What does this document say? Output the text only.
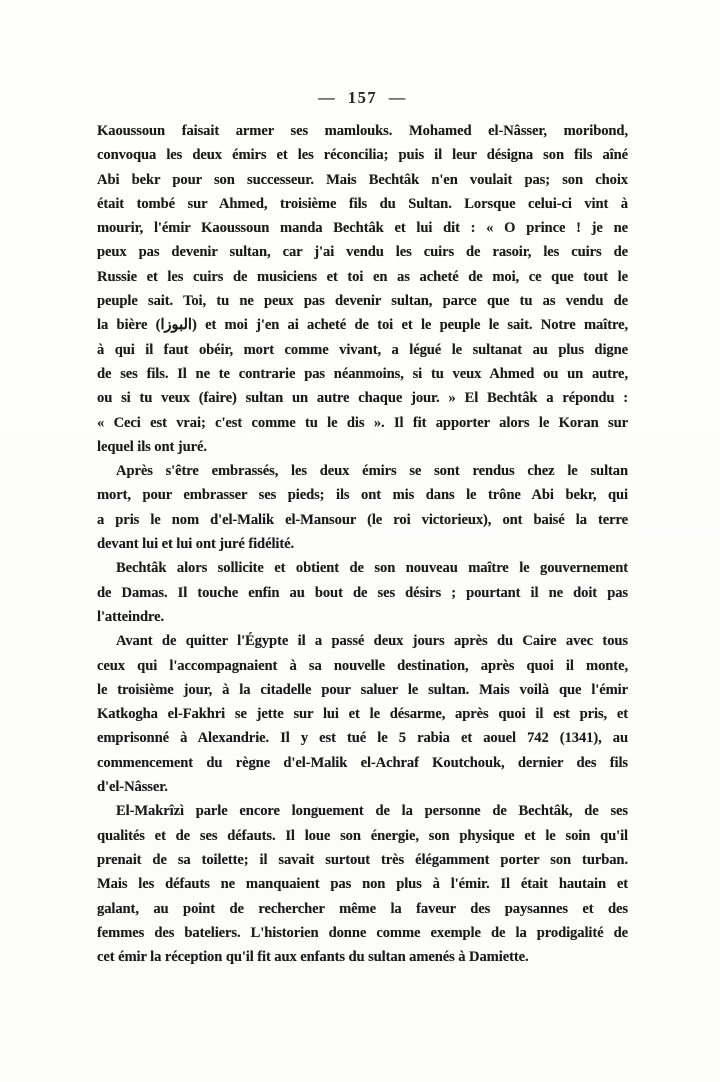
— 157 —
Kaoussoun faisait armer ses mamlouks. Mohamed el-Nâsser, moribond,
convoqua les deux émirs et les réconcilia; puis il leur désigna son fils aîné
Abi bekr pour son successeur. Mais Bechtâk n'en voulait pas; son choix
était tombé sur Ahmed, troisième fils du Sultan. Lorsque celui-ci vint à
mourir, l'émir Kaoussoun manda Bechtâk et lui dit : « O prince ! je ne
peux pas devenir sultan, car j'ai vendu les cuirs de rasoir, les cuirs de
Russie et les cuirs de musiciens et toi en as acheté de moi, ce que tout le
peuple sait. Toi, tu ne peux pas devenir sultan, parce que tu as vendu de
la bière (البوزا) et moi j'en ai acheté de toi et le peuple le sait. Notre maître,
à qui il faut obéir, mort comme vivant, a légué le sultanat au plus digne
de ses fils. Il ne te contrarie pas néanmoins, si tu veux Ahmed ou un autre,
ou si tu veux (faire) sultan un autre chaque jour. » El Bechtâk a répondu :
« Ceci est vrai; c'est comme tu le dis ». Il fit apporter alors le Koran sur
lequel ils ont juré.
Après s'être embrassés, les deux émirs se sont rendus chez le sultan
mort, pour embrasser ses pieds; ils ont mis dans le trône Abi bekr, qui
a pris le nom d'el-Malik el-Mansour (le roi victorieux), ont baisé la terre
devant lui et lui ont juré fidélité.
Bechtâk alors sollicite et obtient de son nouveau maître le gouvernement
de Damas. Il touche enfin au bout de ses désirs ; pourtant il ne doit pas
l'atteindre.
Avant de quitter l'Égypte il a passé deux jours après du Caire avec tous
ceux qui l'accompagnaient à sa nouvelle destination, après quoi il monte,
le troisième jour, à la citadelle pour saluer le sultan. Mais voilà que l'émir
Katkogha el-Fakhri se jette sur lui et le désarme, après quoi il est pris, et
emprisonné à Alexandrie. Il y est tué le 5 rabia et aouel 742 (1341), au
commencement du règne d'el-Malik el-Achraf Koutchouk, dernier des fils
d'el-Nâsser.
El-Makrîzì parle encore longuement de la personne de Bechtâk, de ses
qualités et de ses défauts. Il loue son énergie, son physique et le soin qu'il
prenait de sa toilette; il savait surtout très élégamment porter son turban.
Mais les défauts ne manquaient pas non plus à l'émir. Il était hautain et
galant, au point de rechercher même la faveur des paysannes et des
femmes des bateliers. L'historien donne comme exemple de la prodigalité de
cet émir la réception qu'il fit aux enfants du sultan amenés à Damiette.
